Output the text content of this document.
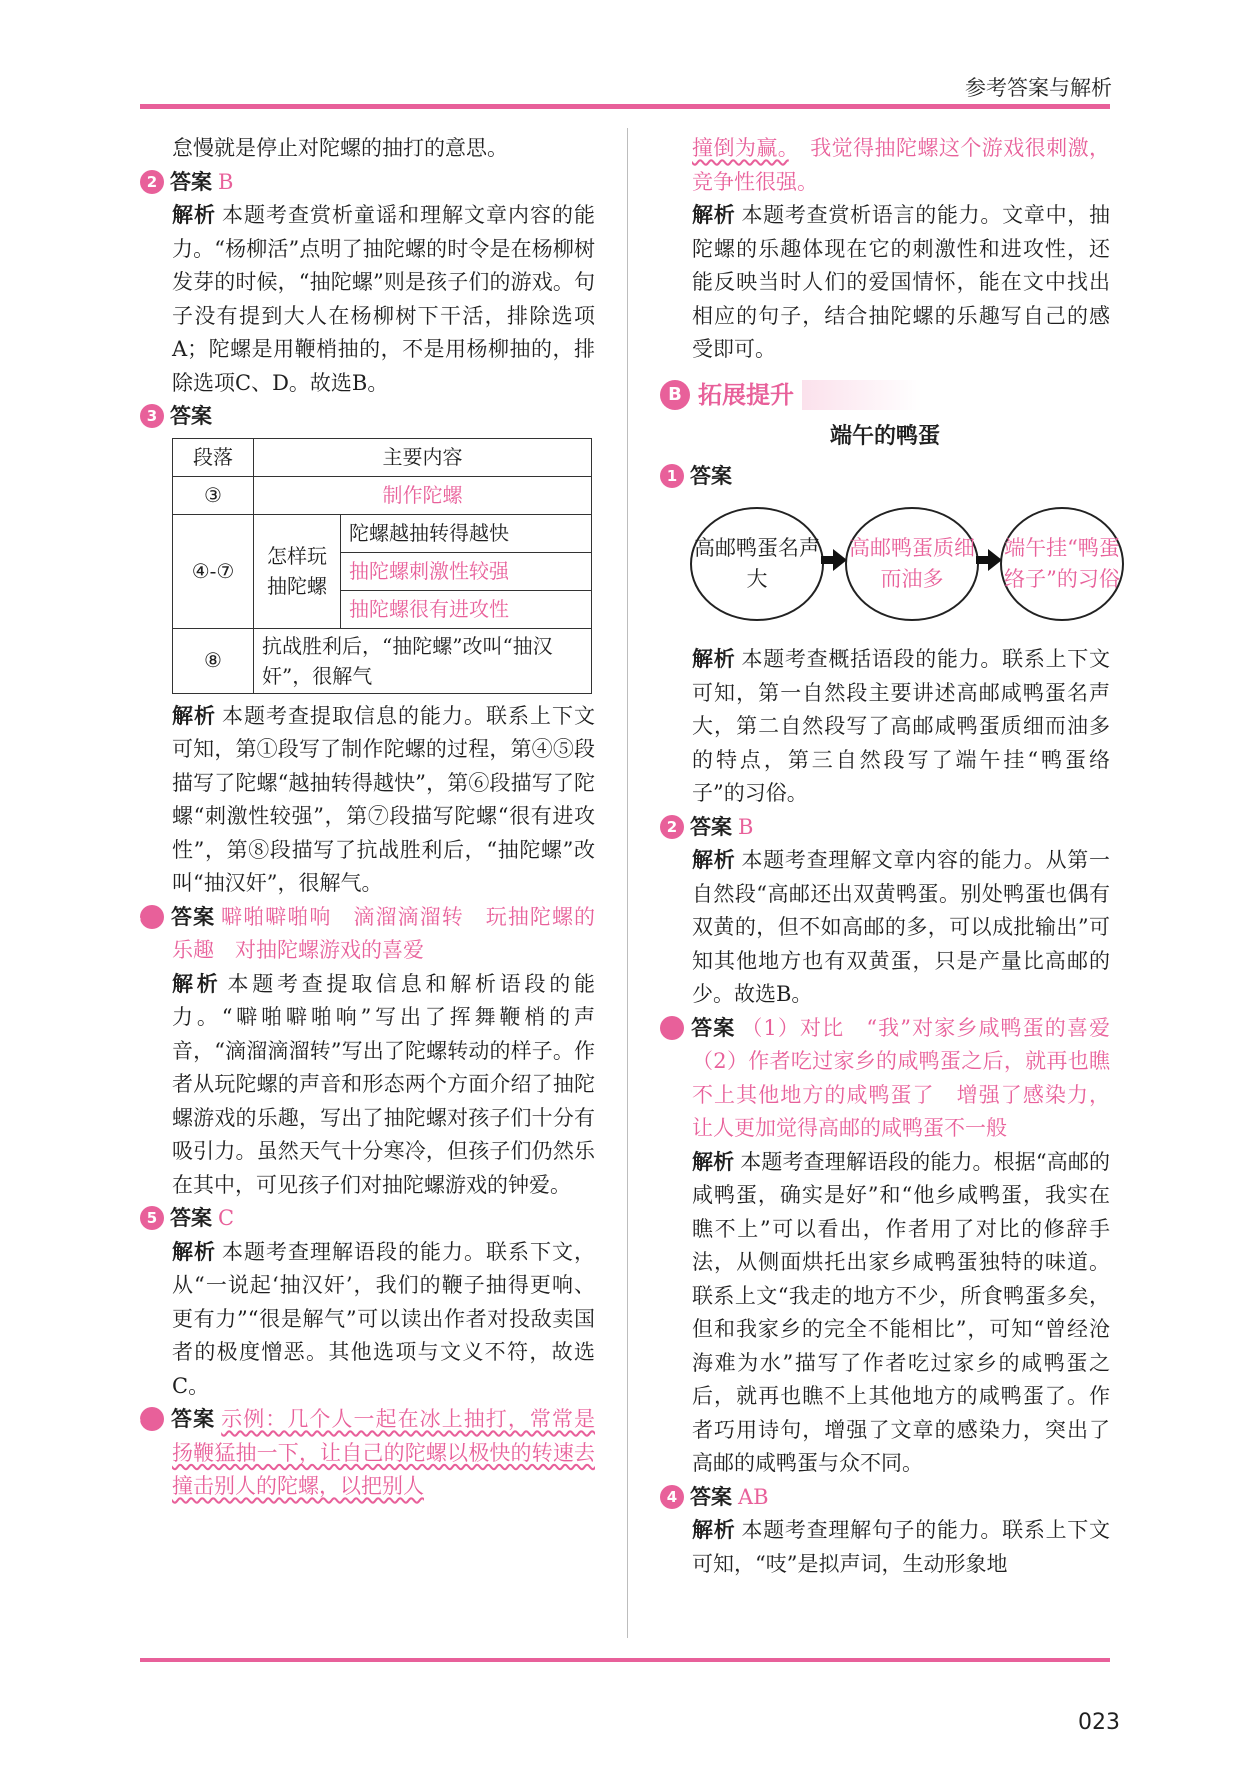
参考答案与解析

怠慢就是停止对陀螺的抽打的意思。

2 答案 B

解析 本题考查赏析童谣和理解文章内容的能力。“杨柳活”点明了抽陀螺的时令是在杨柳树发芽的时候，“抽陀螺”则是孩子们的游戏。句子没有提到大人在杨柳树下干活，排除选项A；陀螺是用鞭梢抽的，不是用杨柳抽的，排除选项C、D。故选B。

3 答案

段落	主要内容	
③	制作陀螺	
④-⑦	怎样玩抽陀螺	陀螺越抽转得越快
		抽陀螺刺激性较强
		抽陀螺很有进攻性
⑧	抗战胜利后，“抽陀螺”改叫“抽汉奸”，很解气	

解析 本题考查提取信息的能力。联系上下文可知，第①段写了制作陀螺的过程，第④⑤段描写了陀螺“越抽转得越快”，第⑥段描写了陀螺“刺激性较强”，第⑦段描写陀螺“很有进攻性”，第⑧段描写了抗战胜利后，“抽陀螺”改叫“抽汉奸”，很解气。

4 答案 噼啪噼啪响　滴溜滴溜转　玩抽陀螺的乐趣　对抽陀螺游戏的喜爱

解析 本题考查提取信息和解析语段的能力。“噼啪噼啪响”写出了挥舞鞭梢的声音，“滴溜滴溜转”写出了陀螺转动的样子。作者从玩陀螺的声音和形态两个方面介绍了抽陀螺游戏的乐趣，写出了抽陀螺对孩子们十分有吸引力。虽然天气十分寒冷，但孩子们仍然乐在其中，可见孩子们对抽陀螺游戏的钟爱。

5 答案 C

解析 本题考查理解语段的能力。联系下文，从“一说起‘抽汉奸’，我们的鞭子抽得更响、更有力”“很是解气”可以读出作者对投敌卖国者的极度憎恶。其他选项与文义不符，故选C。

6 答案 示例：几个人一起在冰上抽打，常常是扬鞭猛抽一下，让自己的陀螺以极快的转速去撞击别人的陀螺，以把别人

撞倒为赢。　 我觉得抽陀螺这个游戏很刺激，竞争性很强。

解析 本题考查赏析语言的能力。文章中，抽陀螺的乐趣体现在它的刺激性和进攻性，还能反映当时人们的爱国情怀，能在文中找出相应的句子，结合抽陀螺的乐趣写自己的感受即可。

B 拓展提升
端午的鸭蛋

1 答案

高邮鸭蛋名声大
高邮鸭蛋质细而油多
端午挂“鸭蛋络子”的习俗

解析 本题考查概括语段的能力。联系上下文可知，第一自然段主要讲述高邮咸鸭蛋名声大，第二自然段写了高邮咸鸭蛋质细而油多的特点，第三自然段写了端午挂“鸭蛋络子”的习俗。

2 答案 B

解析 本题考查理解文章内容的能力。从第一自然段“高邮还出双黄鸭蛋。别处鸭蛋也偶有双黄的，但不如高邮的多，可以成批输出”可知其他地方也有双黄蛋，只是产量比高邮的少。故选B。

3 答案 （1）对比　“我”对家乡咸鸭蛋的喜爱　（2）作者吃过家乡的咸鸭蛋之后，就再也瞧不上其他地方的咸鸭蛋了　增强了感染力，让人更加觉得高邮的咸鸭蛋不一般

解析 本题考查理解语段的能力。根据“高邮的咸鸭蛋，确实是好”和“他乡咸鸭蛋，我实在瞧不上”可以看出，作者用了对比的修辞手法，从侧面烘托出家乡咸鸭蛋独特的味道。联系上文“我走的地方不少，所食鸭蛋多矣，但和我家乡的完全不能相比”，可知“曾经沧海难为水”描写了作者吃过家乡的咸鸭蛋之后，就再也瞧不上其他地方的咸鸭蛋了。作者巧用诗句，增强了文章的感染力，突出了高邮的咸鸭蛋与众不同。

4 答案 AB

解析 本题考查理解句子的能力。联系上下文可知，“吱”是拟声词，生动形象地

023
